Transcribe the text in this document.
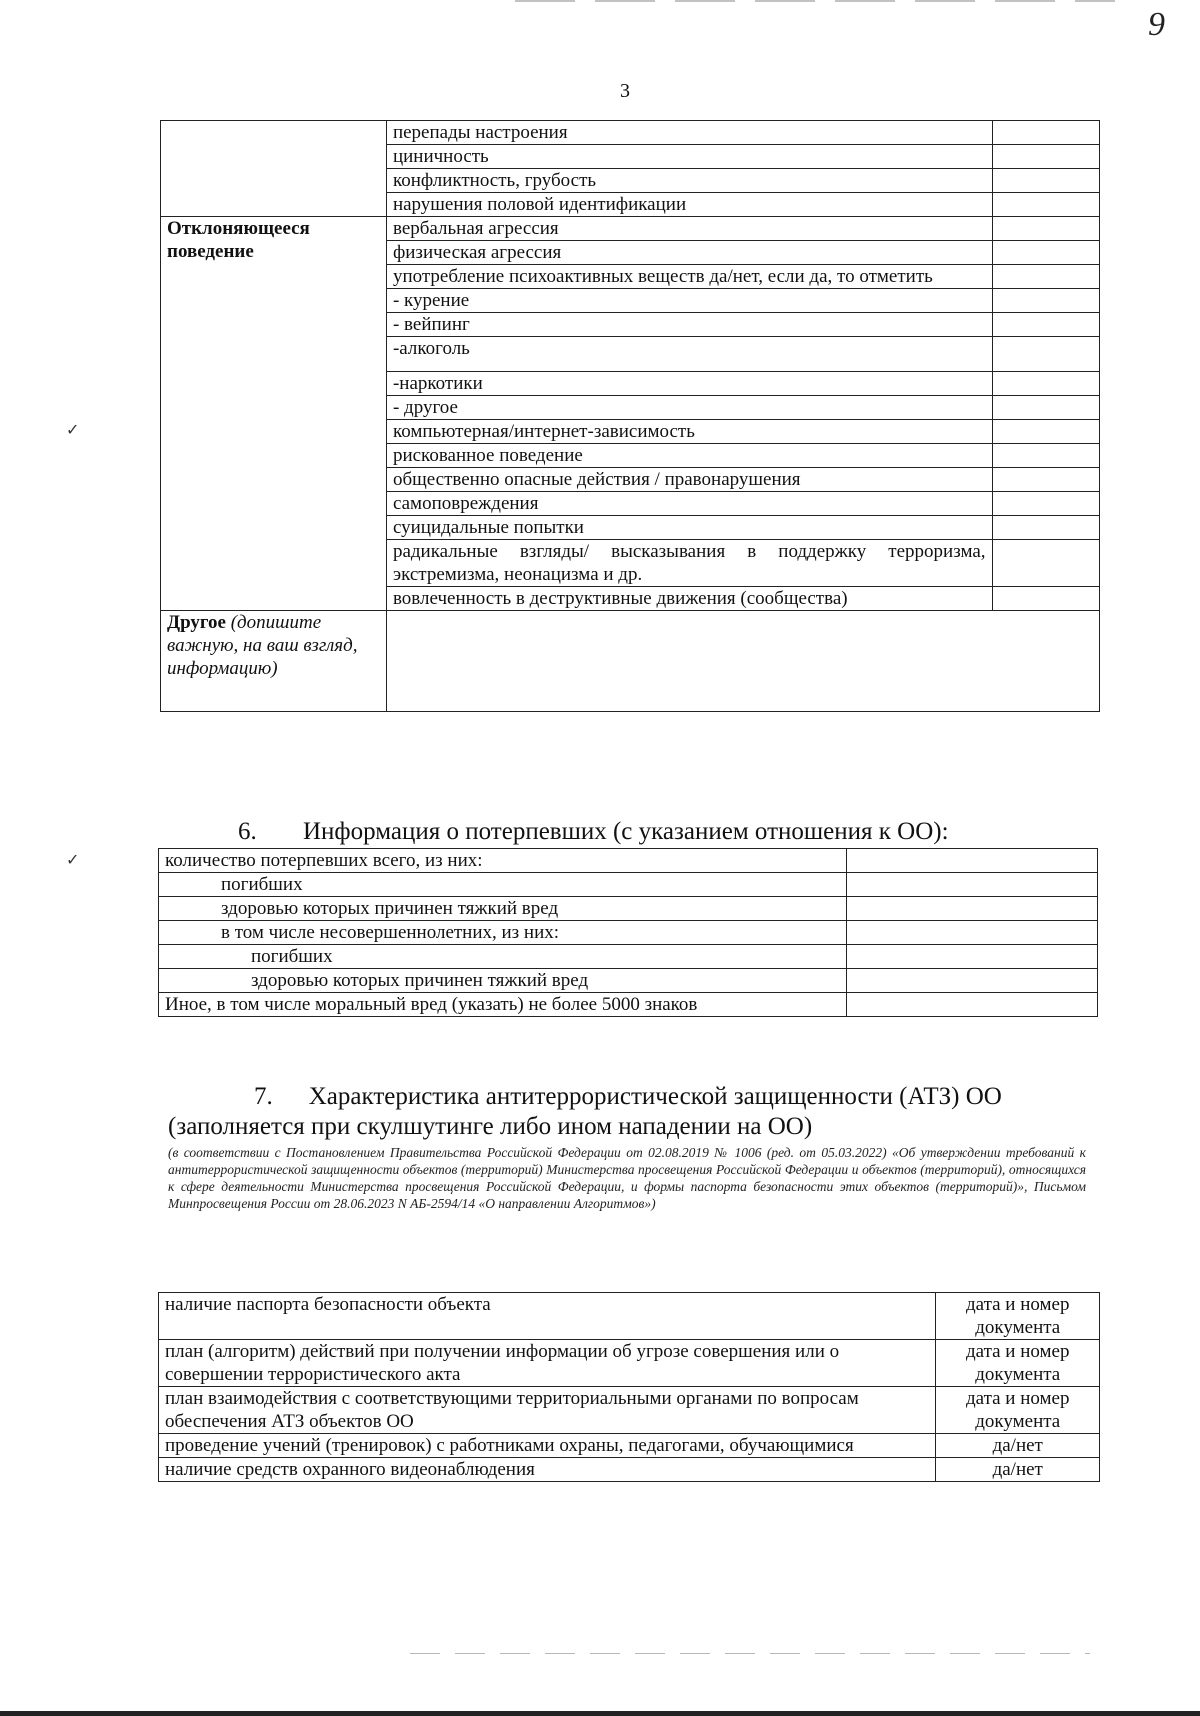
9
3
✓
✓
	перепады настроения	
	циничность	
	конфликтность, грубость	
	нарушения половой идентификации	
Отклоняющееся поведение	вербальная агрессия	
	физическая агрессия	
	употребление психоактивных веществ да/нет, если да, то отметить	
	- курение	
	- вейпинг	
	-алкоголь	
	-наркотики	
	- другое	
	компьютерная/интернет-зависимость	
	рискованное поведение	
	общественно опасные действия / правонарушения	
	самоповреждения	
	суицидальные попытки	
	радикальные взгляды/ высказывания в поддержку терроризма, экстремизма, неонацизма и др.	
	вовлеченность в деструктивные движения (сообщества)	
Другое (допишите важную, на ваш взгляд, информацию)		
6. Информация о потерпевших (с указанием отношения к ОО):
количество потерпевших всего, из них:	
погибших	
здоровью которых причинен тяжкий вред	
в том числе несовершеннолетних, из них:	
погибших	
здоровью которых причинен тяжкий вред	
Иное, в том числе моральный вред (указать) не более 5000 знаков	
7. Характеристика антитеррористической защищенности (АТЗ) ОО (заполняется при скулшутинге либо ином нападении на ОО)
(в соответствии с Постановлением Правительства Российской Федерации от 02.08.2019 № 1006 (ред. от 05.03.2022) «Об утверждении требований к антитеррористической защищенности объектов (территорий) Министерства просвещения Российской Федерации и объектов (территорий), относящихся к сфере деятельности Министерства просвещения Российской Федерации, и формы паспорта безопасности этих объектов (территорий)», Письмом Минпросвещения России от 28.06.2023 N АБ-2594/14 «О направлении Алгоритмов»)
наличие паспорта безопасности объекта	дата и номер документа
план (алгоритм) действий при получении информации об угрозе совершения или о совершении террористического акта	дата и номер документа
план взаимодействия с соответствующими территориальными органами по вопросам обеспечения АТЗ объектов ОО	дата и номер документа
проведение учений (тренировок) с работниками охраны, педагогами, обучающимися	да/нет
наличие средств охранного видеонаблюдения	да/нет
